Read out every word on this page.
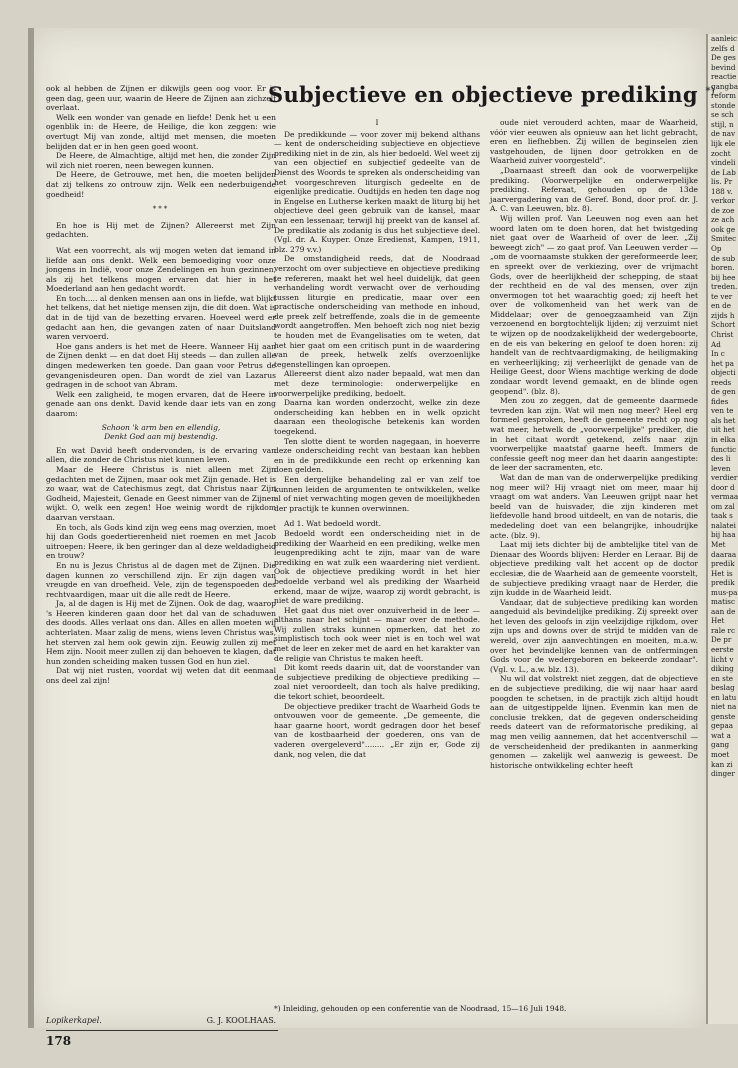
aanleic
zelfs d
De ges
bevind
reactie
gangba
reform
stonde
se sch
stijl, n
de nav
lijk ele
zocht
vindeli
de Lab
lis. Pr
188 v.
verkor
de zoe
ze ach
ook ge
Smitec
Op
de sub
boren.
bij hee
treden.
te ver
en de
zijds h
Schort
Christ
Ad
In c
het pa
objecti
reeds
de gen
fides
ven te
als het
uit het
in elka
functic
des li
leven
verdier
door d
vermaa
om zal
taak s
nalatei
bij haa
Met
daaraa
predik
Het is
predik
mus-pa
matisc
aan de
Het
rale rc
De pr
eerste
licht v
diking
en ste
beslag
en latu
niet na
genste
gepaa
wat a
gang
moet
kan zi
dinger

ook al hebben de Zijnen er dikwijls geen oog voor. Er is geen dag, geen uur, waarin de Heere de Zijnen aan zichzelf overlaat.

Welk een wonder van genade en liefde! Denk het u een ogenblik in: de Heere, de Heilige, die kon zeggen: wie overtugt Mij van zonde, altijd met mensen, die moeten belijden dat er in hen geen goed woont.

De Heere, de Almachtige, altijd met hen, die zonder Zijn wil zich niet roeren, neen bewegen kunnen.

De Heere, de Getrouwe, met hen, die moeten belijden dat zij telkens zo ontrouw zijn. Welk een nederbuigende goedheid!

***

En hoe is Hij met de Zijnen? Allereerst met Zijn gedachten.

Wat een voorrecht, als wij mogen weten dat iemand in liefde aan ons denkt. Welk een bemoediging voor onze jongens in Indië, voor onze Zendelingen en hun gezinnen, als zij het telkens mogen ervaren dat hier in het Moederland aan hen gedacht wordt.

En toch..... al denken mensen aan ons in liefde, wat blijkt het telkens, dat het nietige mensen zijn, die dit doen. Wat is dat in de tijd van de bezetting ervaren. Hoeveel werd er gedacht aan hen, die gevangen zaten of naar Duitsland waren vervoerd.

Hoe gans anders is het met de Heere. Wanneer Hij aan de Zijnen denkt — en dat doet Hij steeds — dan zullen alle dingen medewerken ten goede. Dan gaan voor Petrus de gevangenisdeuren open. Dan wordt de ziel van Lazarus gedragen in de schoot van Abram.

Welk een zaligheid, te mogen ervaren, dat de Heere in genade aan ons denkt. David kende daar iets van en zong daarom:

Schoon 'k arm ben en ellendig,
Denkt God aan mij bestendig.

En wat David heeft ondervonden, is de ervaring van allen, die zonder de Christus niet kunnen leven.

Maar de Heere Christus is niet alleen met Zijn gedachten met de Zijnen, maar ook met Zijn genade. Het is zo waar, wat de Catechismus zegt, dat Christus naar Zijn Godheid, Majesteit, Genade en Geest nimmer van de Zijnen wijkt. O, welk een zegen! Hoe weinig wordt de rijkdom daarvan verstaan.

En toch, als Gods kind zijn weg eens mag overzien, moet hij dan Gods goedertierenheid niet roemen en met Jacob uitroepen: Heere, ik ben geringer dan al deze weldadigheid en trouw?

En nu is Jezus Christus al de dagen met de Zijnen. Die dagen kunnen zo verschillend zijn. Er zijn dagen van vreugde en van droefheid. Vele, zijn de tegenspoeden des rechtvaardigen, maar uit die alle redt de Heere.

Ja, al de dagen is Hij met de Zijnen. Ook de dag, waarop 's Heeren kinderen gaan door het dal van de schaduwen des doods. Alles verlaat ons dan. Alles en allen moeten wij achterlaten. Maar zalig de mens, wiens leven Christus was, het sterven zal hem ook gewin zijn. Eeuwig zullen zij met Hem zijn. Nooit meer zullen zij dan behoeven te klagen, dat hun zonden scheiding maken tussen God en hun ziel.

Dat wij niet rusten, voordat wij weten dat dit eenmaal ons deel zal zijn!

Lopikerkapel.	G. J. KOOLHAAS.
178
Subjectieve en objectieve prediking *)
I

De predikkunde — voor zover mij bekend althans — kent de onderscheiding subjectieve en objectieve prediking niet in de zin, als hier bedoeld. Wel weet zij van een objectief en subjectief gedeelte van de Dienst des Woords te spreken als onderscheiding van het voorgeschreven liturgisch gedeelte en de eigenlijke predicatie. Oudtijds en heden ten dage nog in Engelse en Lutherse kerken maakt de liturg bij het objectieve deel geen gebruik van de kansel, maar van een lessenaar, terwijl hij preekt van de kansel af. De predikatie als zodanig is dus het subjectieve deel. (Vgl. dr. A. Kuyper. Onze Eredienst, Kampen, 1911, blz. 279 v.v.)

De omstandigheid reeds, dat de Noodraad verzocht om over subjectieve en objectieve prediking te refereren, maakt het wel heel duidelijk, dat geen verhandeling wordt verwacht over de verhouding tussen liturgie en predicatie, maar over een practische onderscheiding van methode en inhoud, de preek zelf betreffende, zoals die in de gemeente wordt aangetroffen. Men behoeft zich nog niet bezig te houden met de Evangelisaties om te weten, dat het hier gaat om een critisch punt in de waardering van de preek, hetwelk zelfs overzoenlijke tegenstellingen kan oproepen.

Allereerst dient alzo nader bepaald, wat men dan met deze terminologie: onderwerpelijke en voorwerpelijke prediking, bedoelt.

Daarna kan worden onderzocht, welke zin deze onderscheiding kan hebben en in welk opzicht daaraan een theologische betekenis kan worden toegekend.

Ten slotte dient te worden nagegaan, in hoeverre deze onderscheiding recht van bestaan kan hebben en in de predikkunde een recht op erkenning kan doen gelden.

Een dergelijke behandeling zal er van zelf toe kunnen leiden de argumenten te ontwikkelen, welke al of niet verwachting mogen geven de moeilijkheden der practijk te kunnen overwinnen.

Ad 1. Wat bedoeld wordt.

Bedoeld wordt een onderscheiding niet in de prediking der Waarheid en een prediking, welke men leugenprediking acht te zijn, maar van de ware prediking en wat zulk een waardering niet verdient. Ook de objectieve prediking wordt in het hier bedoelde verband wel als prediking der Waarheid erkend, maar de wijze, waarop zij wordt gebracht, is niet de ware prediking.

Het gaat dus niet over onzuiverheid in de leer — althans naar het schijnt — maar over de methode. Wij zullen straks kunnen opmerken, dat het zo simplistisch toch ook weer niet is en toch wel wat met de leer en zeker met de aard en het karakter van de religie van Christus te maken heeft.

Dit komt reeds daarin uit, dat de voorstander van de subjectieve prediking de objectieve prediking — zoal niet veroordeelt, dan toch als halve prediking, die tekort schiet, beoordeelt.

De objectieve prediker tracht de Waarheid Gods te ontvouwen voor de gemeente. „De gemeente, die haar gaarne hoort, wordt gedragen door het besef van de kostbaarheid der goederen, ons van de vaderen overgeleverd"........ „Er zijn er, Gode zij dank, nog velen, die dat

oude niet verouderd achten, maar de Waarheid, vóór vier eeuwen als opnieuw aan het licht gebracht, eren en liefhebben. Zij willen de beginselen zien vastgehouden, de lijnen door getrokken en de Waarheid zuiver voorgesteld".

„Daarnaast streeft dan ook de voorwerpelijke prediking. (Voorwerpelijke en onderwerpelijke prediking. Referaat, gehouden op de 13de jaarvergadering van de Geref. Bond, door prof. dr. J. A. C. van Leeuwen, blz. 8).

Wij willen prof. Van Leeuwen nog even aan het woord laten om te doen horen, dat het twistgeding niet gaat over de Waarheid of over de leer. „Zij beweegt zich" — zo gaat prof. Van Leeuwen verder — „om de voornaamste stukken der gereformeerde leer, en spreekt over de verkiezing, over de vrijmacht Gods, over de heerlijkheid der schepping, de staat der rechtheid en de val des mensen, over zijn onvermogen tot het waarachtig goed; zij heeft het over de volkomenheid van het werk van de Middelaar; over de genoegzaamheid van Zijn verzoenend en borgtochtelijk lijden; zij verzuimt niet te wijzen op de noodzakelijkheid der wedergeboorte, en de eis van bekering en geloof te doen horen: zij handelt van de rechtvaardigmaking, de heiligmaking en verheerlijking; zij verheerlijkt de genade van de Heilige Geest, door Wiens machtige werking de dode zondaar wordt levend gemaakt, en de blinde ogen geopend". (blz. 8).

Men zou zo zeggen, dat de gemeente daarmede tevreden kan zijn. Wat wil men nog meer? Heel erg formeel gesproken, heeft de gemeente recht op nog wat meer, hetwelk de „voorwerpelijke" prediker, die in het citaat wordt getekend, zelfs naar zijn voorwerpelijke maatstaf gaarne heeft. Immers de confessie geeft nog meer dan het daarin aangestipte: de leer der sacramenten, etc.

Wat dan de man van de onderwerpelijke prediking nog meer wil? Hij vraagt niet om meer, maar hij vraagt om wat anders. Van Leeuwen grijpt naar het beeld van de huisvader, die zijn kinderen met liefdevolle hand brood uitdeelt, en van de notaris, die mededeling doet van een belangrijke, inhoudrijke acte. (blz. 9).

Laat mij iets dichter bij de ambtelijke titel van de Dienaar des Woords blijven: Herder en Leraar. Bij de objectieve prediking valt het accent op de doctor ecclesiæ, die de Waarheid aan de gemeente voorstelt, de subjectieve prediking vraagt naar de Herder, die zijn kudde in de Waarheid leidt.

Vandaar, dat de subjectieve prediking kan worden aangeduid als bevindelijke prediking. Zij spreekt over het leven des geloofs in zijn veelzijdige rijkdom, over zijn ups and downs over de strijd te midden van de wereld, over zijn aanvechtingen en moeiten, m.a.w. over het bevindelijke kennen van de ontfermingen Gods voor de wedergeboren en bekeerde zondaar". (Vgl. v. L., a.w. blz. 13).

Nu wil dat volstrekt niet zeggen, dat de objectieve en de subjectieve prediking, die wij naar haar aard poogden te schetsen, in de practijk zich altijd houdt aan de uitgestippelde lijnen. Evenmin kan men de conclusie trekken, dat de gegeven onderscheiding reeds dateert van de reformatorische prediking, al mag men veilig aannemen, dat het accentverschil — de verscheidenheid der predikanten in aanmerking genomen — zakelijk wel aanwezig is geweest. De historische ontwikkeling echter heeft

*) Inleiding, gehouden op een conferentie van de Noodraad, 15—16 Juli 1948.
